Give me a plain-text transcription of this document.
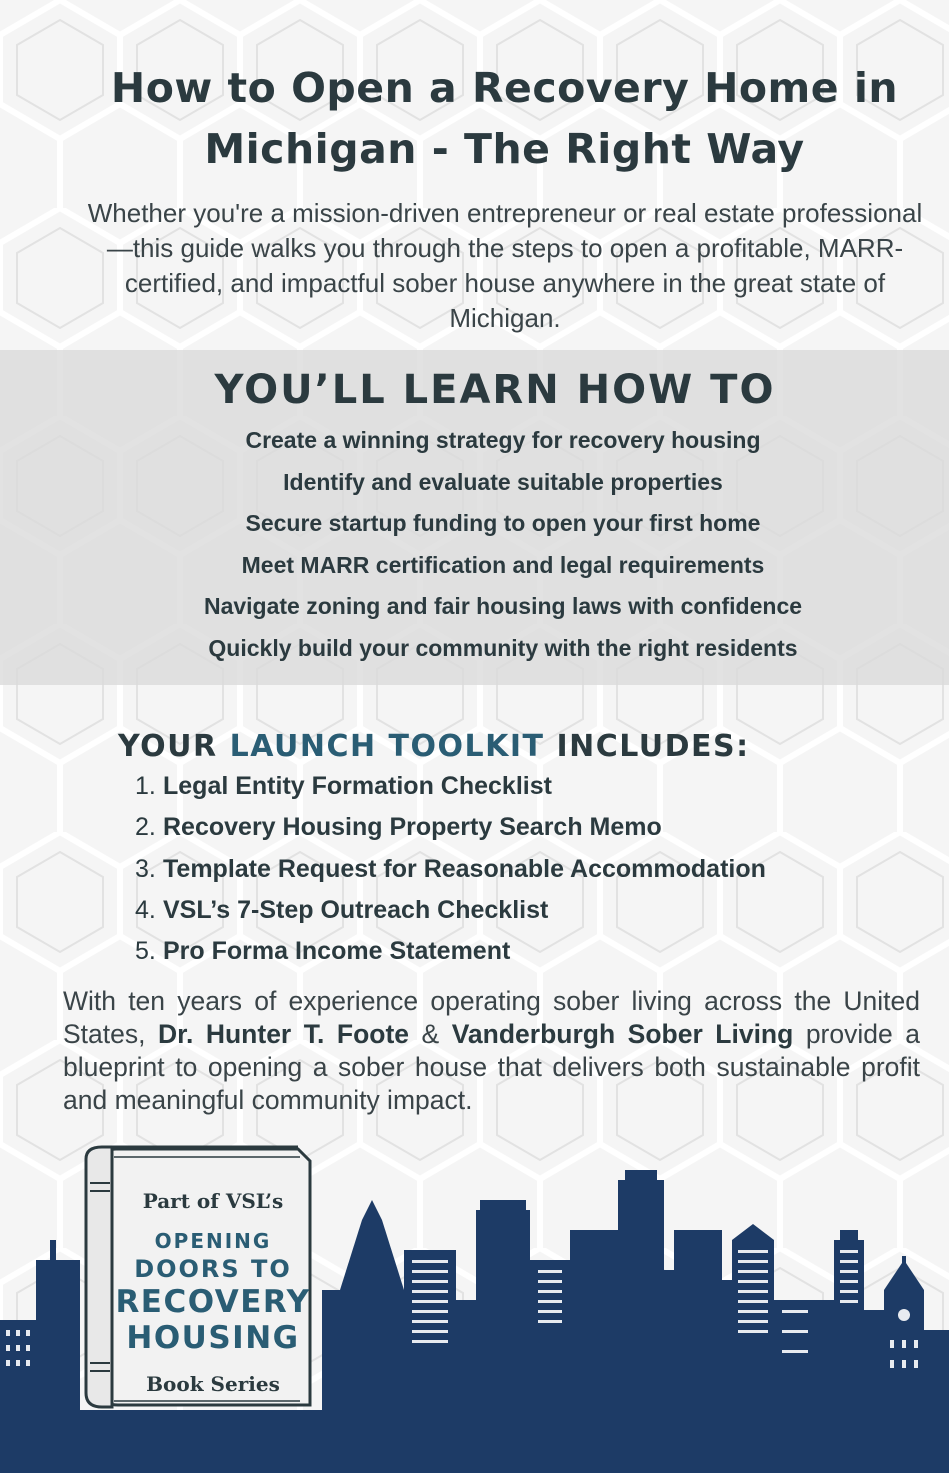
How to Open a Recovery Home in
Michigan - The Right Way

Whether you're a mission-driven entrepreneur or real estate professional—this guide walks you through the steps to open a profitable, MARR-certified, and impactful sober house anywhere in the great state of Michigan.

YOU’LL LEARN HOW TO
Create a winning strategy for recovery housing
Identify and evaluate suitable properties
Secure startup funding to open your first home
Meet MARR certification and legal requirements
Navigate zoning and fair housing laws with confidence
Quickly build your community with the right residents
YOUR LAUNCH TOOLKIT INCLUDES:
1. Legal Entity Formation Checklist
2. Recovery Housing Property Search Memo
3. Template Request for Reasonable Accommodation
4. VSL’s 7-Step Outreach Checklist
5. Pro Forma Income Statement

With ten years of experience operating sober living across the United States, Dr. Hunter T. Foote & Vanderburgh Sober Living provide a blueprint to opening a sober house that delivers both sustainable profit and meaningful community impact.

Part of VSL’s

OPENING
DOORS TO
RECOVERY
HOUSING

Book Series
